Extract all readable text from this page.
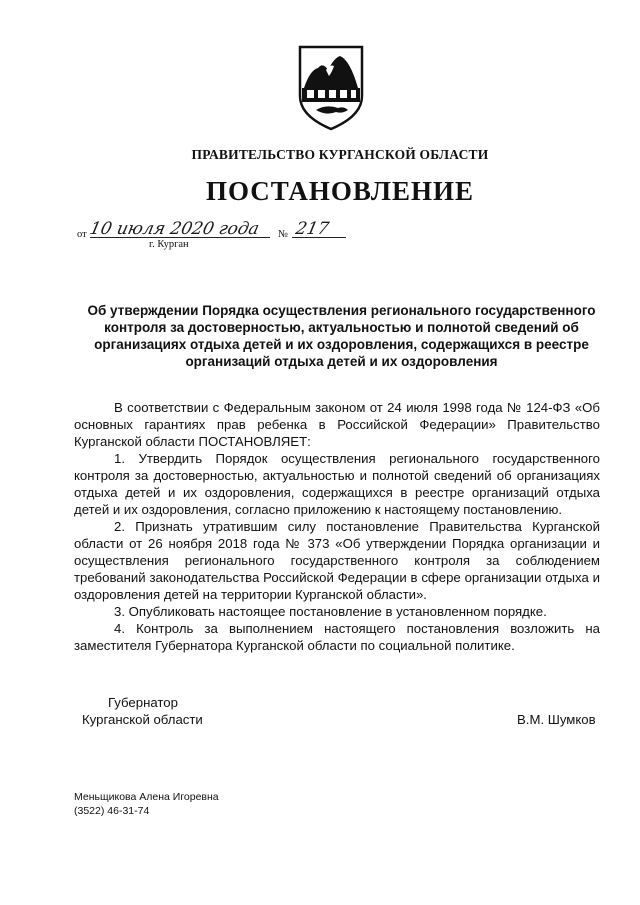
ПРАВИТЕЛЬСТВО КУРГАНСКОЙ ОБЛАСТИ
ПОСТАНОВЛЕНИЕ
от 10 июля 2020 года № 217
г. Курган
Об утверждении Порядка осуществления регионального государственного контроля за достоверностью, актуальностью и полнотой сведений об организациях отдыха детей и их оздоровления, содержащихся в реестре организаций отдыха детей и их оздоровления

В соответствии с Федеральным законом от 24 июля 1998 года № 124-ФЗ «Об основных гарантиях прав ребенка в Российской Федерации» Правительство Курганской области ПОСТАНОВЛЯЕТ:

1. Утвердить Порядок осуществления регионального государственного контроля за достоверностью, актуальностью и полнотой сведений об организациях отдыха детей и их оздоровления, содержащихся в реестре организаций отдыха детей и их оздоровления, согласно приложению к настоящему постановлению.

2. Признать утратившим силу постановление Правительства Курганской области от 26 ноября 2018 года № 373 «Об утверждении Порядка организации и осуществления регионального государственного контроля за соблюдением требований законодательства Российской Федерации в сфере организации отдыха и оздоровления детей на территории Курганской области».

3. Опубликовать настоящее постановление в установленном порядке.

4. Контроль за выполнением настоящего постановления возложить на заместителя Губернатора Курганской области по социальной политике.

Губернатор
Курганской области	В.М. Шумков
Меньщикова Алена Игоревна
(3522) 46-31-74
